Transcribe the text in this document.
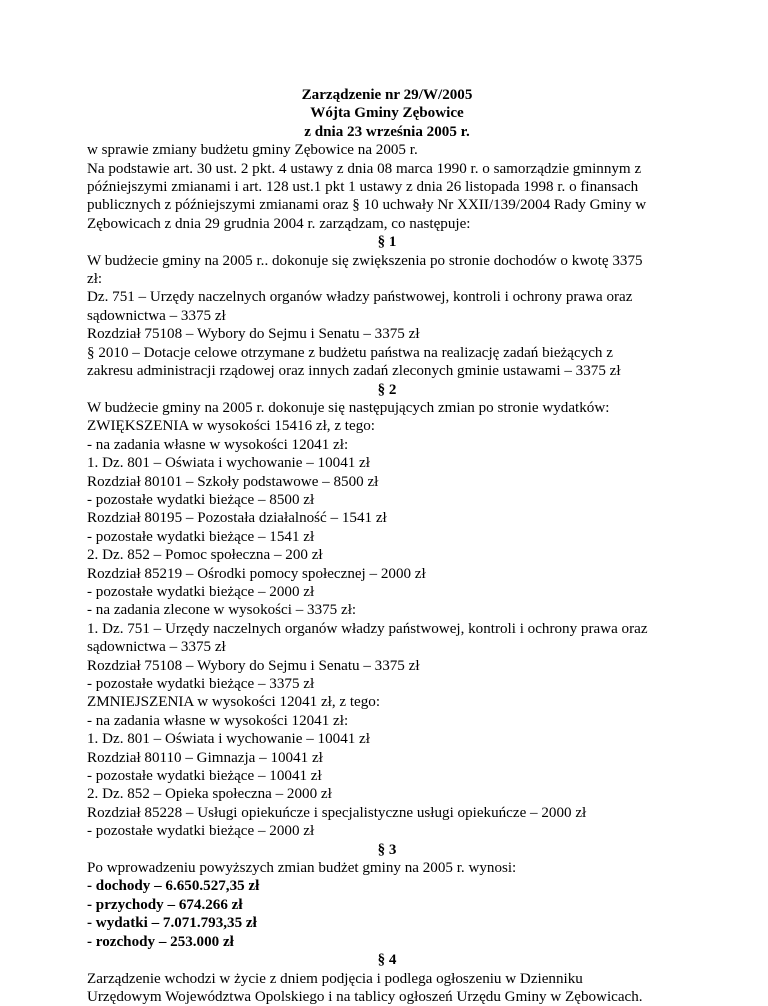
Zarządzenie nr 29/W/2005
Wójta Gminy Zębowice
z dnia 23 września 2005 r.
w sprawie zmiany budżetu gminy Zębowice na 2005 r.
Na podstawie art. 30 ust. 2 pkt. 4 ustawy z dnia 08 marca 1990 r. o samorządzie gminnym z
późniejszymi zmianami i art. 128 ust.1 pkt 1 ustawy z dnia 26 listopada 1998 r. o finansach
publicznych z późniejszymi zmianami oraz § 10 uchwały Nr XXII/139/2004 Rady Gminy w
Zębowicach z dnia 29 grudnia 2004 r. zarządzam, co następuje:
§ 1
W budżecie gminy na 2005 r.. dokonuje się zwiększenia po stronie dochodów o kwotę 3375
zł:
Dz. 751 – Urzędy naczelnych organów władzy państwowej, kontroli i ochrony prawa oraz
sądownictwa – 3375 zł
Rozdział 75108 – Wybory do Sejmu i Senatu – 3375 zł
§ 2010 – Dotacje celowe otrzymane z budżetu państwa na realizację zadań bieżących z
zakresu administracji rządowej oraz innych zadań zleconych gminie ustawami – 3375 zł
§ 2
W budżecie gminy na 2005 r. dokonuje się następujących zmian po stronie wydatków:
ZWIĘKSZENIA w wysokości 15416 zł, z tego:
- na zadania własne w wysokości 12041 zł:
1. Dz. 801 – Oświata i wychowanie – 10041 zł
Rozdział 80101 – Szkoły podstawowe – 8500 zł
- pozostałe wydatki bieżące – 8500 zł
Rozdział 80195 – Pozostała działalność – 1541 zł
- pozostałe wydatki bieżące – 1541 zł
2. Dz. 852 – Pomoc społeczna – 200 zł
Rozdział 85219 – Ośrodki pomocy społecznej – 2000 zł
- pozostałe wydatki bieżące – 2000 zł
- na zadania zlecone w wysokości – 3375 zł:
1. Dz. 751 – Urzędy naczelnych organów władzy państwowej, kontroli i ochrony prawa oraz
sądownictwa – 3375 zł
Rozdział 75108 – Wybory do Sejmu i Senatu – 3375 zł
- pozostałe wydatki bieżące – 3375 zł
ZMNIEJSZENIA w wysokości 12041 zł, z tego:
- na zadania własne w wysokości 12041 zł:
1. Dz. 801 – Oświata i wychowanie – 10041 zł
Rozdział 80110 – Gimnazja – 10041 zł
- pozostałe wydatki bieżące – 10041 zł
2. Dz. 852 – Opieka społeczna – 2000 zł
Rozdział 85228 – Usługi opiekuńcze i specjalistyczne usługi opiekuńcze – 2000 zł
- pozostałe wydatki bieżące – 2000 zł
§ 3
Po wprowadzeniu powyższych zmian budżet gminy na 2005 r. wynosi:
- dochody – 6.650.527,35 zł
- przychody – 674.266 zł
- wydatki – 7.071.793,35 zł
- rozchody – 253.000 zł
§ 4
Zarządzenie wchodzi w życie z dniem podjęcia i podlega ogłoszeniu w Dzienniku
Urzędowym Województwa Opolskiego i na tablicy ogłoszeń Urzędu Gminy w Zębowicach.
